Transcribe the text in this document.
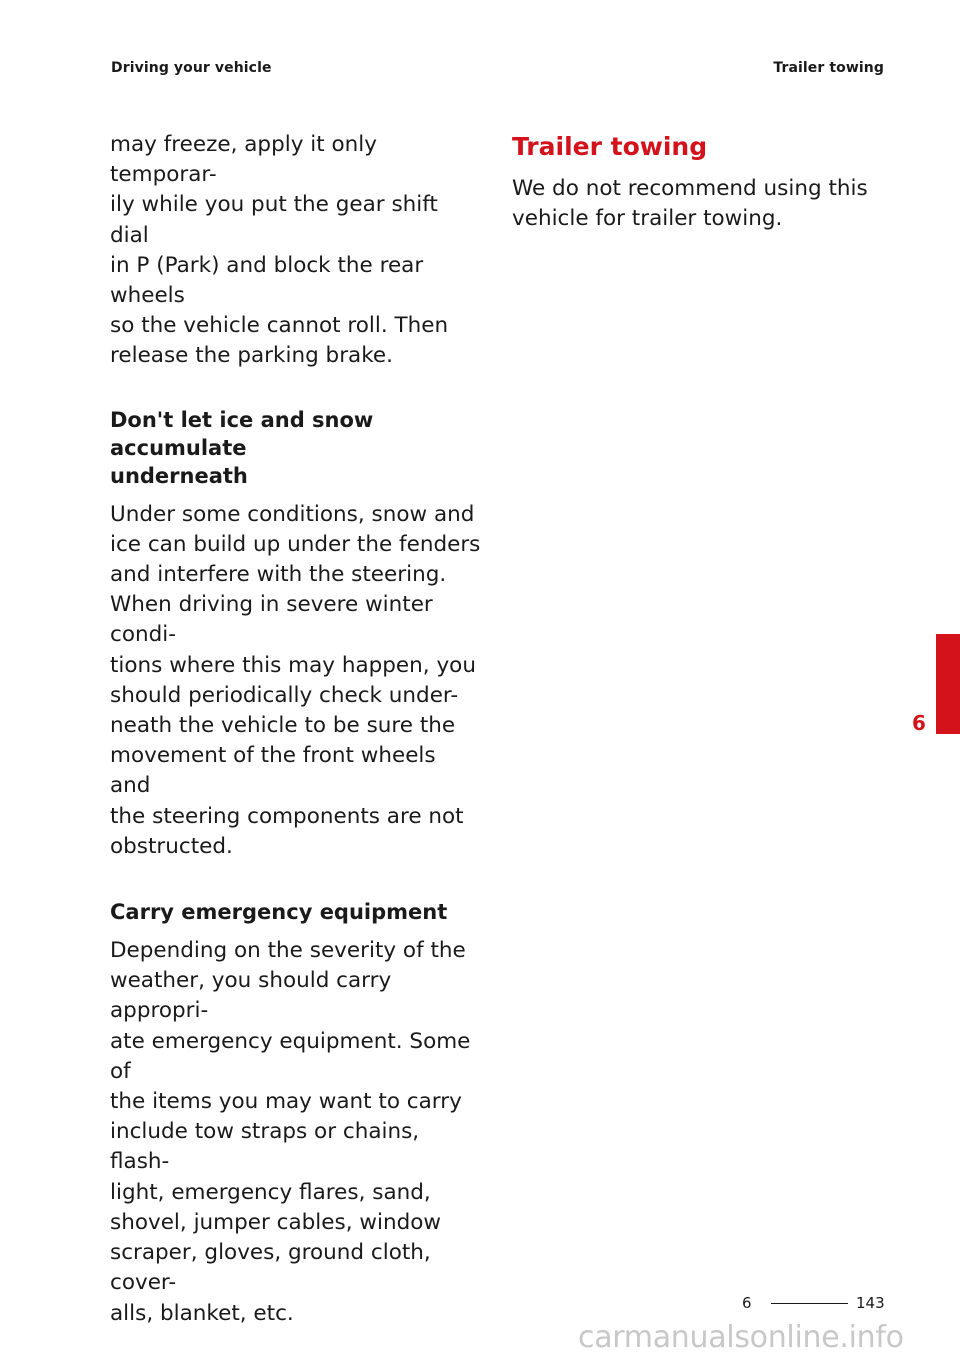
Driving your vehicle	Trailer towing

may freeze, apply it only temporar-
ily while you put the gear shift dial
in P (Park) and block the rear wheels
so the vehicle cannot roll. Then
release the parking brake.

Don't let ice and snow accumulate
underneath

Under some conditions, snow and
ice can build up under the fenders
and interfere with the steering.
When driving in severe winter condi-
tions where this may happen, you
should periodically check under-
neath the vehicle to be sure the
movement of the front wheels and
the steering components are not
obstructed.

Carry emergency equipment

Depending on the severity of the
weather, you should carry appropri-
ate emergency equipment. Some of
the items you may want to carry
include tow straps or chains, flash-
light, emergency flares, sand,
shovel, jumper cables, window
scraper, gloves, ground cloth, cover-
alls, blanket, etc.

Trailer towing

We do not recommend using this
vehicle for trailer towing.

6
6	143
carmanualsonline.info
